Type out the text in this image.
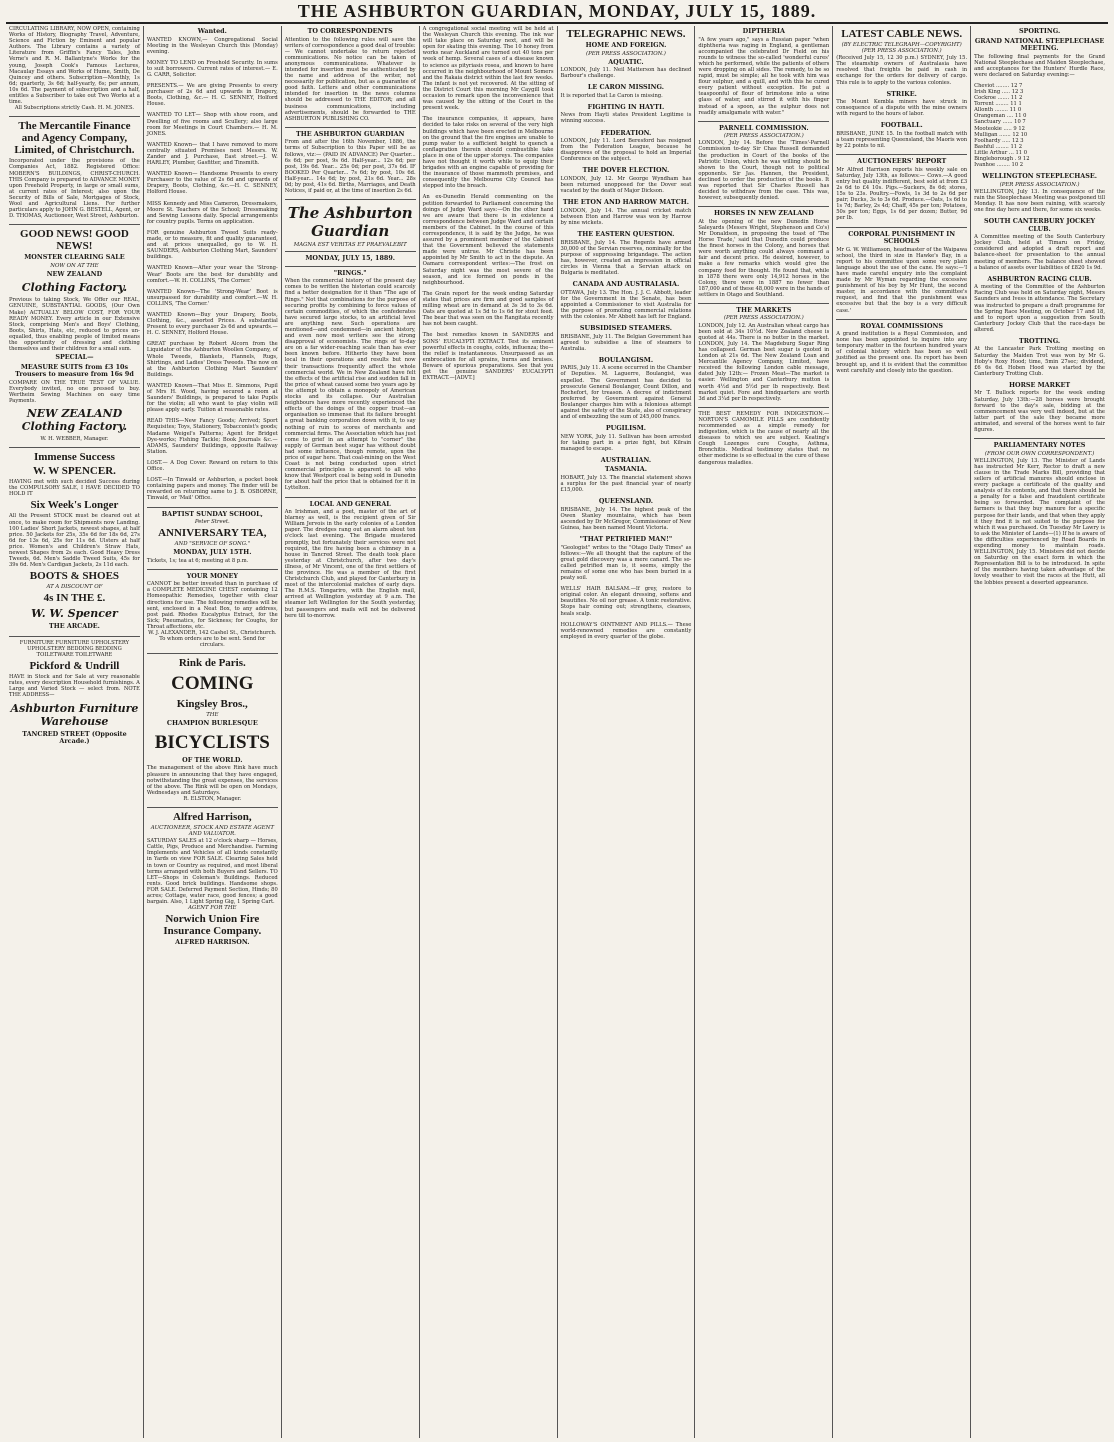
THE ASHBURTON GUARDIAN, MONDAY, JULY 15, 1889.
CIRCULATING LIBRARY, NOW OPEN, containing Works of History, Biography Travel, Adventure, Science and Fiction by Eminent and popular Authors. The Library contains a variety of Literature from Griffin's Fancy Tales, John Verne's and R. M. Ballantyne's Works for the young, Joseph Cook's Famous Lectures, Macaulay Essays and Works of Hume, Smith, De Quincey and others. Subscription—Monthly, 1s 6d; quarterly, 3s 6d; half-yearly, 6s; per annum, 10s 6d. The payment of subscription and a half, entitles a Subscriber to take out Two Works at a time.
All Subscriptions strictly Cash. H. M. JONES.
The Mercantile Finance and Agency Company, Limited, of Christchurch.
Incorporated under the provisions of the Companies Act, 1882. Registered Office: MOBERN'S BUILDINGS, CHRIST-CHURCH. THIS Company is prepared to ADVANCE MONEY upon Freehold Property, in large or small sums, at current rates of Interest; also upon the Security of Bills of Sale, Mortgages of Stock, Wool and Agricultural Liens. For further particulars apply to JOHN G. BESTELL, Agent, or D. THOMAS, Auctioneer, West Street, Ashburton.
GOOD NEWS! GOOD NEWS!
MONSTER CLEARING SALE
NOW ON AT THE
NEW ZEALAND
Clothing Factory.
Previous to taking Stock, We Offer our REAL, GENUINE, SUBSTANTIAL GOODS, (Our Own Make) ACTUALLY BELOW COST, FOR YOUR READY MONEY. Every article in our Extensive Stock, comprising Men's and Boys' Clothing, Boots, Shirts, Hats, etc, reduced to prices un-equalled, thus enabling people of limited means the opportunity of dressing and clothing themselves and their children for a small sum.
SPECIAL—
MEASURE SUITS from £3 10s Trousers to measure from 16s 9d
COMPARE ON THE TRUE TEST OF VALUE. Everybody invited, no one pressed to buy. Wertheim Sewing Machines on easy time Payments.
NEW ZEALAND Clothing Factory.
W. H. WEBBER, Manager.
Immense Success
W. W SPENCER.
HAVING met with such decided Success during the COMPULSORY SALE, I HAVE DECIDED TO HOLD IT
Six Week's Longer
All the Present STOCK must be cleared out at once, to make room for Shipments now Landing. 100 Ladies' Short Jackets, newest shapes, at half price. 50 Jackets for 25s, 35s 6d for 18s 6d, 27s 6d for 13s 6d, 25s for 11s 6d. Ulsters at half price. Women's and Children's Straw Hats, newest Shapes from 2s each. Good Heavy Dress Tweeds, 6d. Men's Saddle Tweed Suits, 45s for 39s 6d. Men's Cardigan Jackets, 2s 11d each.
BOOTS & SHOES
AT A DISCOUNT OF
4s IN THE £.
W. W. Spencer
THE ARCADE.
FURNITURE FURNITURE UPHOLSTERY UPHOLSTERY BEDDING BEDDING TOILETWARE TOILETWARE
Pickford & Undrill
HAVE in Stock and for Sale at very reasonable rates, every description Household furnishings. A Large and Varied Stock — select from. NOTE THE ADDRESS—
Ashburton Furniture Warehouse
TANCRED STREET (Opposite Arcade.)
Wanted.
WANTED KNOWN,— Congregational Social Meeting in the Wesleyan Church this (Monday) evening.
MONEY TO LEND on Freehold Security. In sums to suit borrowers. Current rates of interest.— E. G. CARR, Solicitor.
PRESENTS.— We are giving Presents to every purchaser of 2s 6d and upwards in Drapery, Boots, Clothing, &c.— H. C. SENNEY, Holford House.
WANTED TO LET— Shop with show room, and Dwelling of five rooms and Scullery; also large room for Meetings in Court Chambers.— H. M. JONES.
WANTED Known— that I have removed to more centrally situated Premises next Messrs. W. Zander and J. Purchase, East street.—J. W. HARLEY, Plumber, Gasfitter, and Tinsmith.
WANTED Known— Handsome Presents to every Purchaser to the value of 2s 6d and upwards of Drapery, Boots, Clothing, &c.—H. C. SENNEY, Holford House.
MISS Kennedy and Miss Cameron, Dressmakers, Moore St. Teachers of the School; Dressmaking and Sewing Lessons daily. Special arrangements for country pupils. Terms on application.
FOR genuine Ashburton Tweed Suits ready-made, or to measure, fit and quality guaranteed, and at prices unequalled, go to W. H. SAUNDERS, Ashburton Clothing Mart, Saunders' buildings.
WANTED Known—After your wear the 'Strong-Wear' Boots are the best for durability and comfort.—W. H. COLLINS, 'The Corner.'
WANTED Known—The 'Strong-Wear' Boot is unsurpassed for durability and comfort.—W. H. COLLINS, 'The Corner.'
WANTED Known—Buy your Drapery, Boots, Clothing, &c., assorted Prices. A substantial Present to every purchaser 2s 6d and upwards.—H. C. SENNEY, Holford House.
GREAT purchase by Robert Alcorn from the Liquidator of the Ashburton Woollen Company, of Whole Tweeds, Blankets, Flannels, Rugs, Shirtings, and Ladies' Dress Tweeds. The now on at the Ashburton Clothing Mart Saunders' Buildings.
WANTED Known—That Miss E. Simmons, Pupil of Mrs H. Wood, having secured a room at Saunders' Buildings, is prepared to take Pupils for the violin; all who want to play violin will please apply early. Tuition at reasonable rates.
READ THIS—New Fancy Goods; Arrived; Sport Requisites; Toys, Stationery, Tobacconist's goods; Madame Weigel's Patterns; Agent for Bridget Dye-works; Fishing Tackle; Book Journals &c.—ADAMS, Saunders' Buildings, opposite Railway Station.
LOST.— A Dog Cover. Reward on return to this Office.
LOST.—In Tinwald or Ashburton, a pocket book containing papers and money. The finder will be rewarded on returning same to J. B. OSBORNE, Tinwald, or 'Mail' Office.
BAPTIST SUNDAY SCHOOL,
Peter Street.
ANNIVERSARY TEA,
AND "SERVICE OF SONG."
MONDAY, JULY 15TH.
Tickets, 1s; tea at 6; meeting at 8 p.m.
YOUR MONEY
CANNOT be better invested than in purchase of a COMPLETE MEDICINE CHEST containing 12 Homeopathic Remedies, together with clear directions for use. The following remedies will be sent, enclosed in a Neat Box, to any address, post paid. Rhodes Eucalyptus Extract, for the Sick; Pneumatics, for Sickness; for Coughs, for Throat affections, etc.
W. J. ALEXANDER, 142 Cashel St., Christchurch. To whom orders are to be sent. Send for circulars.
Rink de Paris.
COMING
Kingsley Bros.,
THE
CHAMPION BURLESQUE
BICYCLISTS
OF THE WORLD.
The management of the above Rink have much pleasure in announcing that they have engaged, notwithstanding the great expenses, the services of the above. The Rink will be open on Mondays, Wednesdays and Saturdays.
R. ELSTON, Manager.
Alfred Harrison,
AUCTIONEER, STOCK AND ESTATE AGENT AND VALUATOR.
SATURDAY SALES at 12 o'clock sharp — Horses, Cattle, Pigs, Produce and Merchandise. Farming Implements and Vehicles of all kinds constantly in Yards on view FOR SALE. Clearing Sales held in town or Country as required, and most liberal terms arranged with both Buyers and Sellers. TO LET—Shops in Coleman's Buildings. Reduced rents. Good brick buildings. Handsome shops. FOR SALE. Deferred Payment Section, Hinds; 80 acres; Cottage, water race, good fences; a good bargain. Also, 1 Light Spring Gig, 1 Spring Cart.
AGENT FOR THE
Norwich Union Fire Insurance Company.
ALFRED HARRISON.
TO CORRESPONDENTS
Attention to the following rules will save the writers of correspondence a good deal of trouble:— We cannot undertake to return rejected communications. No notice can be taken of anonymous communications. Whatever is intended for insertion must be authenticated by the name and address of the writer, not necessarily for publication, but as a guarantee of good faith. Letters and other communications intended for insertion in the news columns should be addressed to THE EDITOR; and all business communications, including advertisements, should be forwarded to THE ASHBURTON PUBLISHING CO.
THE ASHBURTON GUARDIAN
From and after the 16th November, 1886, the terms of Subscription to this Paper will be as follows, viz:— (PAID IN ADVANCE) Per Quarter... 6s 6d; per post, 9s 6d. Half-year... 12s 6d; per post, 19s 6d. Year... 25s 0d; per post, 37s 6d. IF BOOKED Per Quarter... 7s 6d; by post, 10s 6d. Half-year... 14s 6d; by post, 21s 6d. Year... 28s 0d; by post, 41s 6d. Births, Marriages, and Death Notices, if paid or, at the time of insertion 2s 6d.
The Ashburton Guardian
MAGNA EST VERITAS ET PRAEVALEBIT
MONDAY, JULY 15, 1889.
"RINGS."
When the commercial history of the present day comes to be written the historian could scarcely find a better designation for it than "The age of Rings." Not that combinations for the purpose of securing profits by combining to force values of certain commodities, of which the confederates have secured large stocks, to an artificial level are anything new. Such operations are mentioned—and condemned—in ancient history, and even now most writers see the strong disapproval of economists. The rings of to-day are on a far wider-reaching scale than has ever been known before. Hitherto they have been local in their operations and results but now their transactions frequently affect the whole commercial world. We in New Zealand have felt the effects of the artificial rise and sudden fall in the price of wheat caused some two years ago by the attempt to obtain a monopoly of American stocks and its collapse. Our Australian neighbours have more recently experienced the effects of the doings of the copper trust—an organisation so immense that its failure brought a great banking corporation down with it, to say nothing of ruin to scores of merchants and commercial firms. The Association which has just come to grief in an attempt to "corner" the supply of German beet sugar has without doubt had some influence, though remote, upon the price of sugar here. That coal-mining on the West Coast is not being conducted upon strict commercial principles is apparent to all who know that Westport coal is being sold in Dunedin for about half the price that is obtained for it in Lyttelton.
LOCAL AND GENERAL
An Irishman, and a poet, master of the art of blarney as well, is the recipient given of Sir William Jervois in the early colonies of a London paper. The dredges rang out an alarm about ten o'clock last evening. The Brigade mustered promptly, but fortunately their services were not required, the fire having been a chimney in a house in Tancred Street. The death took place yesterday at Christchurch, after two day's illness, of Mr Vincent, one of the first settlers of the province. He was a member of the first Christchurch Club, and played for Canterbury in most of the intercolonial matches of early days. The R.M.S. Tongariro, with the English mail, arrived at Wellington yesterday at 9 a.m. The steamer left Wellington for the South yesterday, but passengers and mails will not be delivered here till to-morrow.
A congregational social meeting will be held at the Wesleyan Church this evening. The ink war will take place on Saturday next, and will be open for skating this evening. The 10 honey from works near Auckland are turned out 40 tons per week of hemp. Several cases of a disease known to science as pityriasis rosea, and known to have occurred in the neighbourhood of Mount Somers and the Rakaia district within the last few weeks. The infant is not yet recovered. At the sitting of the District Court this morning Mr Caygill took occasion to remark upon the inconvenience that was caused by the sitting of the Court in the present week.
The insurance companies, it appears, have decided to take risks on several of the very high buildings which have been erected in Melbourne on the ground that the fire engines are unable to pump water to a sufficient height to quench a conflagration therein should combustible take place in one of the upper storeys. The companies have not thought it worth while to equip their brigades with an engine capable of providing for the insurance of those mammoth premises, and consequently the Melbourne City Council has stepped into the breach.
An ex-Dunedin Herald commenting on the petition forwarded to Parliament concerning the doings of Judge Ward says:—On the other hand we are aware that there is in existence a correspondence between Judge Ward and certain members of the Cabinet. In the course of this correspondence, it is said by the Judge, he was assured by a prominent member of the Cabinet that the Government believed the statements made were untrue. Mr Christie has been appointed by Mr Smith to act in the dispute. An Oamaru correspondent writes:—The frost on Saturday night was the most severe of the season, and ice formed on ponds in the neighbourhood.
The Grain report for the week ending Saturday states that prices are firm and good samples of milling wheat are in demand at 3s 3d to 3s 6d. Oats are quoted at 1s 5d to 1s 6d for stout feed. The bear that was seen on the Rangitata recently has not been caught.
The best remedies known in SANDERS and SONS' EUCALYPTI EXTRACT. Test its eminent powerful effects in coughs, colds, influenza; the—the relief is instantaneous. Unsurpassed as an embrocation for all sprains, burns and bruises. Beware of spurious preparations. See that you get the genuine SANDERS' EUCALYPTI EXTRACT.—[ADVT.]
TELEGRAPHIC NEWS.
HOME AND FOREIGN.
(PER PRESS ASSOCIATION.)
AQUATIC.
LONDON, July 11. Neil Matterson has declined Barbour's challenge.
LE CARON MISSING.
It is reported that Le Caron is missing.
FIGHTING IN HAYTI.
News from Hayti states President Legitime is winning success.
FEDERATION.
LONDON, July 11. Lord Beresford has resigned from the Federation League, because he disapproves of the proposal to hold an Imperial Conference on the subject.
THE DOVER ELECTION.
LONDON, July 12. Mr George Wyndham has been returned unopposed for the Dover seat vacated by the death of Major Dickson.
THE ETON AND HARROW MATCH.
LONDON, July 14. The annual cricket match between Eton and Harrow was won by Harrow by nine wickets.
THE EASTERN QUESTION.
BRISBANE, July 14. The Regents have armed 30,000 of the Servian reserves, nominally for the purpose of suppressing brigandage. The action has, however, created an impression in official circles in Vienna that a Servian attack on Bulgaria is meditated.
CANADA AND AUSTRALASIA.
OTTAWA, July 13. The Hon. J. J. C. Abbott, leader for the Government in the Senate, has been appointed a Commissioner to visit Australia for the purpose of promoting commercial relations with the colonies. Mr Abbott has left for England.
SUBSIDISED STEAMERS.
BRISBANE, July 11. The Belgian Government has agreed to subsidise a line of steamers to Australia.
BOULANGISM.
PARIS, July 11. A scene occurred in the Chamber of Deputies. M. Laguerre, Boulangist, was expelled. The Government has decided to prosecute General Boulanger, Count Dillon, and Rochefort, for treason. A decree of indictment preferred by Government against General Boulanger charges him with a felonious attempt against the safety of the State, also of conspiracy and of embezzling the sum of 245,000 francs.
PUGILISM.
NEW YORK, July 11. Sullivan has been arrested for taking part in a prize fight, but Kilrain managed to escape.
AUSTRALIAN.
TASMANIA.
HOBART, July 13. The financial statement shows a surplus for the past financial year of nearly £15,000.
QUEENSLAND.
BRISBANE, July 14. The highest peak of the Owen Stanley mountains, which has been ascended by Dr McGregor, Commissioner of New Guinea, has been named Mount Victoria.
"THAT PETRIFIED MAN!"
"Geologist" writes to the "Otago Daily Times" as follows:—We all thought that the capture of the great gold discovery was a mere canard. The so-called petrified man is, it seems, simply the remains of some one who has been buried in a peaty soil.
WELLS' HAIR BALSAM.—If grey, restore to original color. An elegant dressing, softens and beautifies. No oil nor grease. A tonic restorative. Stops hair coming out; strengthens, cleanses, heals scalp.
HOLLOWAY'S OINTMENT AND PILLS.— These world-renowned remedies are constantly employed in every quarter of the globe.
DIPTHERIA
"A few years ago," says a Russian paper "when diphtheria was raging in England, a gentleman accompanied the celebrated Dr Field on his rounds to witness the so-called 'wonderful cures' which he performed, while the patients of others were dropping on all sides. The remedy, to be so rapid, must be simple; all he took with him was flour sulphur, and a quill, and with this he cured every patient without exception. He put a teaspoonful of flour of brimstone into a wine glass of water, and stirred it with his finger instead of a spoon, as the sulphur does not readily amalgamate with water."
PARNELL COMMISSION.
(PER PRESS ASSOCIATION.)
LONDON, July 14. Before the 'Times'-Parnell Commission to-day Sir Chas Russell demanded the production in Court of the books of the Patriotic Union, which he was willing should be shown to the Court, though not to political opponents. Sir Jas. Hannen, the President, declined to order the production of the books. It was reported that Sir Charles Russell has decided to withdraw from the case. This was, however, subsequently denied.
HORSES IN NEW ZEALAND
At the opening of the new Dunedin Horse Saleyards (Messrs Wright, Stephenson and Co's) Mr Donaldson, in proposing the toast of 'The Horse Trade,' said that Dunedin could produce the finest horses in the Colony, and horses that were worth anything could always command a fair and decent price. He desired, however, to make a few remarks which would give the company food for thought. He found that, while in 1878 there were only 14,912 horses in the Colony, there were in 1887 no fewer than 187,000 and of these 48,000 were in the hands of settlers in Otago and Southland.
THE MARKETS
(PER PRESS ASSOCIATION.)
LONDON, July 12. An Australian wheat cargo has been sold at 34s 10½d. New Zealand cheese is quoted at 44s. There is no butter in the market. LONDON, July 14. The Magdeburg Sugar Ring has collapsed. German beet sugar is quoted in London at 21s 6d. The New Zealand Loan and Mercantile Agency Company, Limited, have received the following London cable message, dated July 12th:— Frozen Meat—The market is easier. Wellington and Canterbury mutton is worth 4½d and 5½d per lb respectively. Best market quiet. Fore and hindquarters are worth 3d and 3¼d per lb respectively.
THE BEST REMEDY FOR INDIGESTION.—NORTON'S CAMOMILE PILLS are confidently recommended as a simple remedy for indigestion, which is the cause of nearly all the diseases to which we are subject. Keating's Cough Lozenges cure Coughs, Asthma, Bronchitis. Medical testimony states that no other medicine is so effectual in the cure of these dangerous maladies.
LATEST CABLE NEWS.
(BY ELECTRIC TELEGRAPH—COPYRIGHT) (PER PRESS ASSOCIATION.)
(Received July 15, 12 30 p.m.) SYDNEY, July 15. The steamship owners of Australasia have resolved that freights be paid in cash in exchange for the orders for delivery of cargo. This rule is to apply to the various colonies.
STRIKE.
The Mount Kembla miners have struck in consequence of a dispute with the mine owners with regard to the hours of labor.
FOOTBALL.
BRISBANE, JUNE 15. In the football match with a team representing Queensland, the Maoris won by 22 points to nil.
AUCTIONEERS' REPORT
Mr Alfred Harrison reports his weekly sale on Saturday, July 13th, as follows:— Cows.—A good entry but quality indifferent, best sold at from £3 2s 6d to £4 10s. Pigs.—Suckers, 8s 6d; stores, 15s to 23s. Poultry.—Fowls, 1s 3d to 2s 6d per pair; Ducks, 3s to 3s 6d. Produce.—Oats, 1s 6d to 1s 7d; Barley, 2s 4d; Chaff, 45s per ton; Potatoes, 50s per ton; Eggs, 1s 6d per dozen; Butter, 9d per lb.
CORPORAL PUNISHMENT IN SCHOOLS
Mr G. W. Williamson, headmaster of the Waipawa school, the third in size in Hawke's Bay, in a report to his committee upon some very plain language about the use of the cane. He says:—'I have made careful enquiry into the complaint made by Mr Wyman regarding the excessive punishment of his boy by Mr Hunt, the second master, in accordance with the committee's request, and find that the punishment was excessive but that the boy is a very difficult case.'
ROYAL COMMISSIONS
A grand institution is a Royal Commission, and none has been appointed to inquire into any temporary matter in the fourteen hundred years of colonial history which has been so well justified as the present one. Its report has been brought up, and it is evident that the committee went carefully and closely into the question.
SPORTING.
GRAND NATIONAL STEEPLECHASE MEETING.
The following final payments for the Grand National Steeplechase and Maiden Steeplechase, and acceptances for the Hunters' Hurdle Race, were declared on Saturday evening:—
Cheviot ........ 12 7
Irish King ..... 12 3
Cockroe ....... 11 2
Torrent ........ 11 1
Allonth ........ 11 0
Orangeman .... 11 0
Sanctuary ...... 10 7
Mooteokie ..... 9 12
Mulligan ....... 12 10
Foolhardy ..... 12 3
Bashful ........ 11 2
Little Arthur ... 11 0
Bingleborough . 9 12
Ivanhoe ........ 10 2
WELLINGTON STEEPLECHASE.
(PER PRESS ASSOCIATION.)
WELLINGTON, July 13. In consequence of the rain the Steeplechase Meeting was postponed till Monday. It has now been raining, with scarcely one fine day here and there, for some six weeks.
SOUTH CANTERBURY JOCKEY CLUB.
A Committee meeting of the South Canterbury Jockey Club, held at Timaru on Friday, considered and adopted a draft report and balance-sheet for presentation to the annual meeting of members. The balance sheet showed a balance of assets over liabilities of £820 1s 9d.
ASHBURTON RACING CLUB.
A meeting of the Committee of the Ashburton Racing Club was held on Saturday night, Messrs Saunders and Ivess in attendance. The Secretary was instructed to prepare a draft programme for the Spring Race Meeting, on October 17 and 18, and to report upon a suggestion from South Canterbury Jockey Club that the race-days be altered.
TROTTING.
At the Lancaster Park Trotting meeting on Saturday the Maiden Trot was won by Mr G. Hoby's Roxy Hood; time, 5min 27sec; dividend, £6 6s 6d. Hoben Hood was started by the Canterbury Trotting Club.
HORSE MARKET
Mr T. Bullock reports for the week ending Saturday, July 13th:—28 horses were brought forward to the day's sale, bidding at the commencement was very well indeed, but at the latter part of the sale they became more animated, and several of the horses went to fair figures.
PARLIAMENTARY NOTES
(FROM OUR OWN CORRESPONDENT.)
WELLINGTON, July 13. The Minister of Lands has instructed Mr Kerr, Rector to draft a new clause in the Trade Marks Bill, providing that sellers of artificial manures should enclose in every package a certificate of the quality and analysis of its contents, and that there should be a penalty for a false and fraudulent certificate being so forwarded. The complaint of the farmers is that they buy manure for a specific purpose for their lands, and that when they apply it they find it is not suited to the purpose for which it was purchased. On Tuesday Mr Lawry is to ask the Minister of Lands—(1) If he is aware of the difficulties experienced by Road Boards in expending money to maintain roads. WELLINGTON, July 15. Ministers did not decide on Saturday on the exact form in which the Representation Bill is to be introduced. In spite of the members having taken advantage of the lovely weather to visit the races at the Hutt, all the lobbies present a deserted appearance.
